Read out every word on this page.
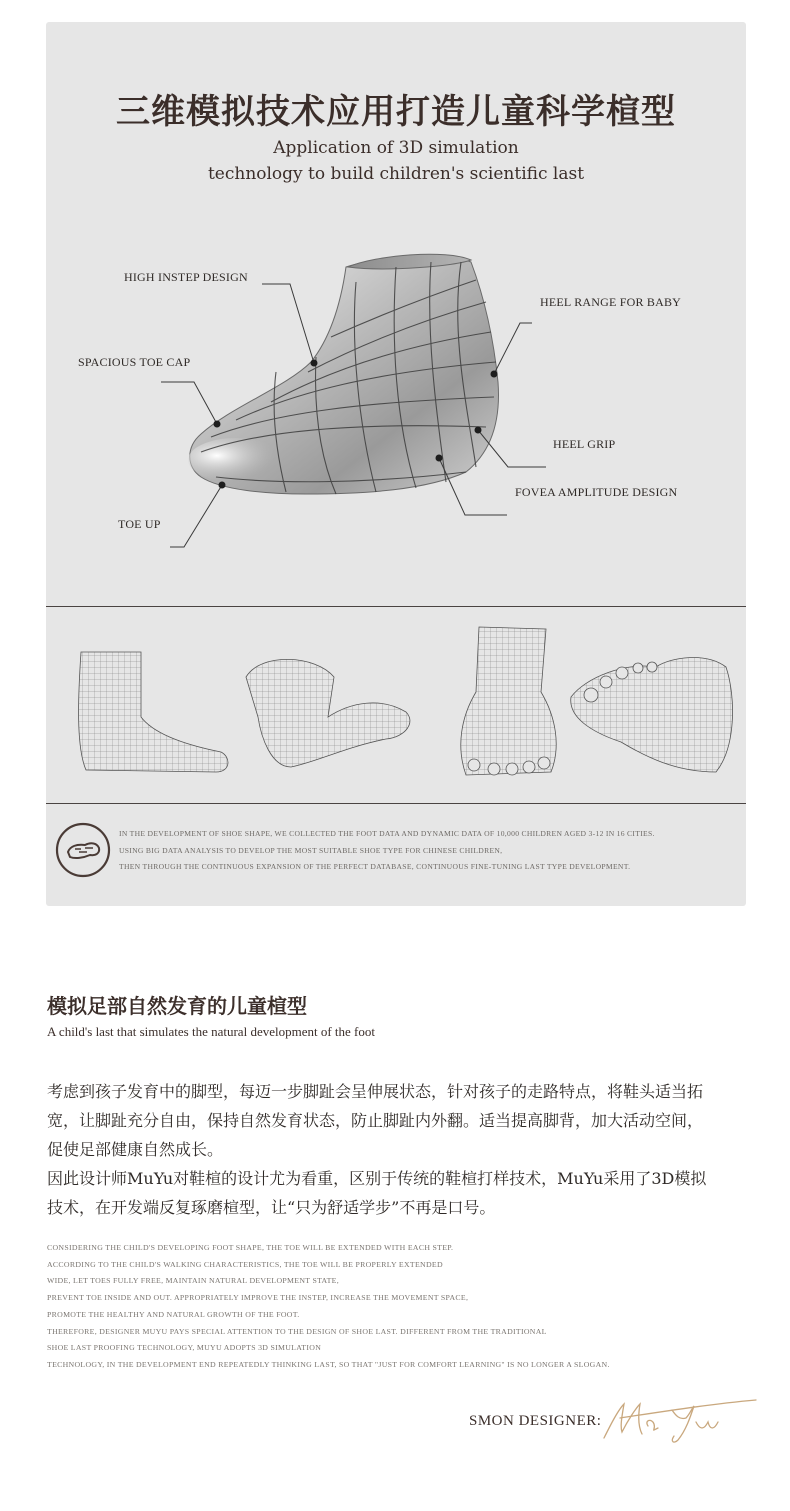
三维模拟技术应用打造儿童科学楦型
Application of 3D simulation
technology to build children's scientific last
HIGH INSTEP DESIGN
SPACIOUS TOE CAP
TOE UP
HEEL RANGE FOR BABY
HEEL GRIP
FOVEA AMPLITUDE DESIGN
IN THE DEVELOPMENT OF SHOE SHAPE, WE COLLECTED THE FOOT DATA AND DYNAMIC DATA OF 10,000 CHILDREN AGED 3-12 IN 16 CITIES.
USING BIG DATA ANALYSIS TO DEVELOP THE MOST SUITABLE SHOE TYPE FOR CHINESE CHILDREN,
THEN THROUGH THE CONTINUOUS EXPANSION OF THE PERFECT DATABASE, CONTINUOUS FINE-TUNING LAST TYPE DEVELOPMENT.
模拟足部自然发育的儿童楦型
A child's last that simulates the natural development of the foot
考虑到孩子发育中的脚型，每迈一步脚趾会呈伸展状态，针对孩子的走路特点，将鞋头适当拓
宽，让脚趾充分自由，保持自然发育状态，防止脚趾内外翻。适当提高脚背，加大活动空间，
促使足部健康自然成长。
因此设计师MuYu对鞋楦的设计尤为看重，区别于传统的鞋楦打样技术，MuYu采用了3D模拟
技术，在开发端反复琢磨楦型，让“只为舒适学步”不再是口号。
CONSIDERING THE CHILD'S DEVELOPING FOOT SHAPE, THE TOE WILL BE EXTENDED WITH EACH STEP.
ACCORDING TO THE CHILD'S WALKING CHARACTERISTICS, THE TOE WILL BE PROPERLY EXTENDED
WIDE, LET TOES FULLY FREE, MAINTAIN NATURAL DEVELOPMENT STATE,
PREVENT TOE INSIDE AND OUT. APPROPRIATELY IMPROVE THE INSTEP, INCREASE THE MOVEMENT SPACE,
PROMOTE THE HEALTHY AND NATURAL GROWTH OF THE FOOT.
THEREFORE, DESIGNER MUYU PAYS SPECIAL ATTENTION TO THE DESIGN OF SHOE LAST. DIFFERENT FROM THE TRADITIONAL
SHOE LAST PROOFING TECHNOLOGY, MUYU ADOPTS 3D SIMULATION
TECHNOLOGY, IN THE DEVELOPMENT END REPEATEDLY THINKING LAST, SO THAT "JUST FOR COMFORT LEARNING" IS NO LONGER A SLOGAN.
SMON DESIGNER:
